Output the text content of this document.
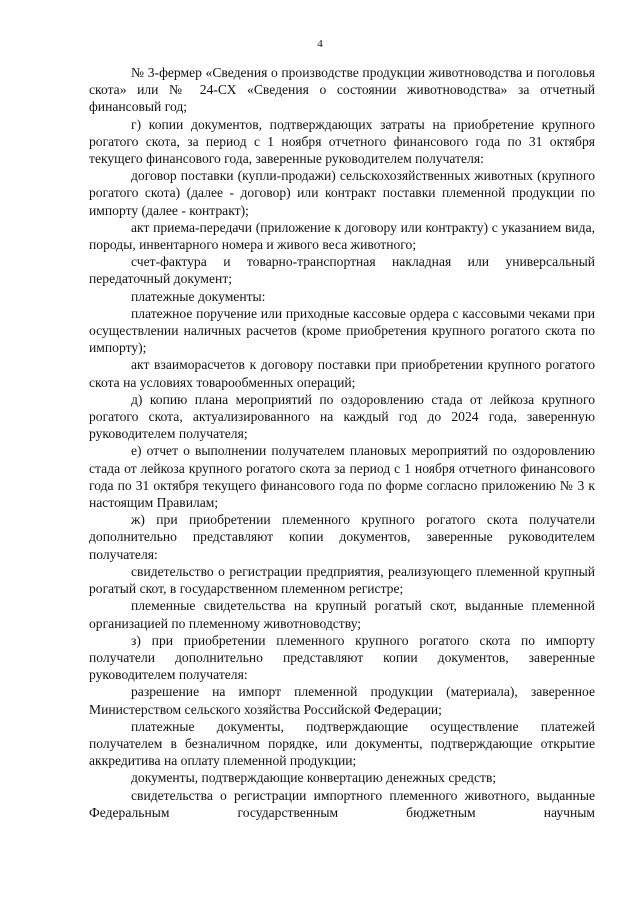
4

№ 3-фермер «Сведения о производстве продукции животноводства и поголовья скота» или № 24-СХ «Сведения о состоянии животноводства» за отчетный финансовый год;

г) копии документов, подтверждающих затраты на приобретение крупного рогатого скота, за период с 1 ноября отчетного финансового года по 31 октября текущего финансового года, заверенные руководителем получателя:

договор поставки (купли-продажи) сельскохозяйственных животных (крупного рогатого скота) (далее - договор) или контракт поставки племенной продукции по импорту (далее - контракт);

акт приема-передачи (приложение к договору или контракту) с указанием вида, породы, инвентарного номера и живого веса животного;

счет-фактура и товарно-транспортная накладная или универсальный передаточный документ;

платежные документы:

платежное поручение или приходные кассовые ордера с кассовыми чеками при осуществлении наличных расчетов (кроме приобретения крупного рогатого скота по импорту);

акт взаиморасчетов к договору поставки при приобретении крупного рогатого скота на условиях товарообменных операций;

д) копию плана мероприятий по оздоровлению стада от лейкоза крупного рогатого скота, актуализированного на каждый год до 2024 года, заверенную руководителем получателя;

е) отчет о выполнении получателем плановых мероприятий по оздоровлению стада от лейкоза крупного рогатого скота за период с 1 ноября отчетного финансового года по 31 октября текущего финансового года по форме согласно приложению № 3 к настоящим Правилам;

ж) при приобретении племенного крупного рогатого скота получатели дополнительно представляют копии документов, заверенные руководителем получателя:

свидетельство о регистрации предприятия, реализующего племенной крупный рогатый скот, в государственном племенном регистре;

племенные свидетельства на крупный рогатый скот, выданные племенной организацией по племенному животноводству;

з) при приобретении племенного крупного рогатого скота по импорту получатели дополнительно представляют копии документов, заверенные руководителем получателя:

разрешение на импорт племенной продукции (материала), заверенное Министерством сельского хозяйства Российской Федерации;

платежные документы, подтверждающие осуществление платежей получателем в безналичном порядке, или документы, подтверждающие открытие аккредитива на оплату племенной продукции;

документы, подтверждающие конвертацию денежных средств;

свидетельства о регистрации импортного племенного животного, выданные Федеральным государственным бюджетным научным
